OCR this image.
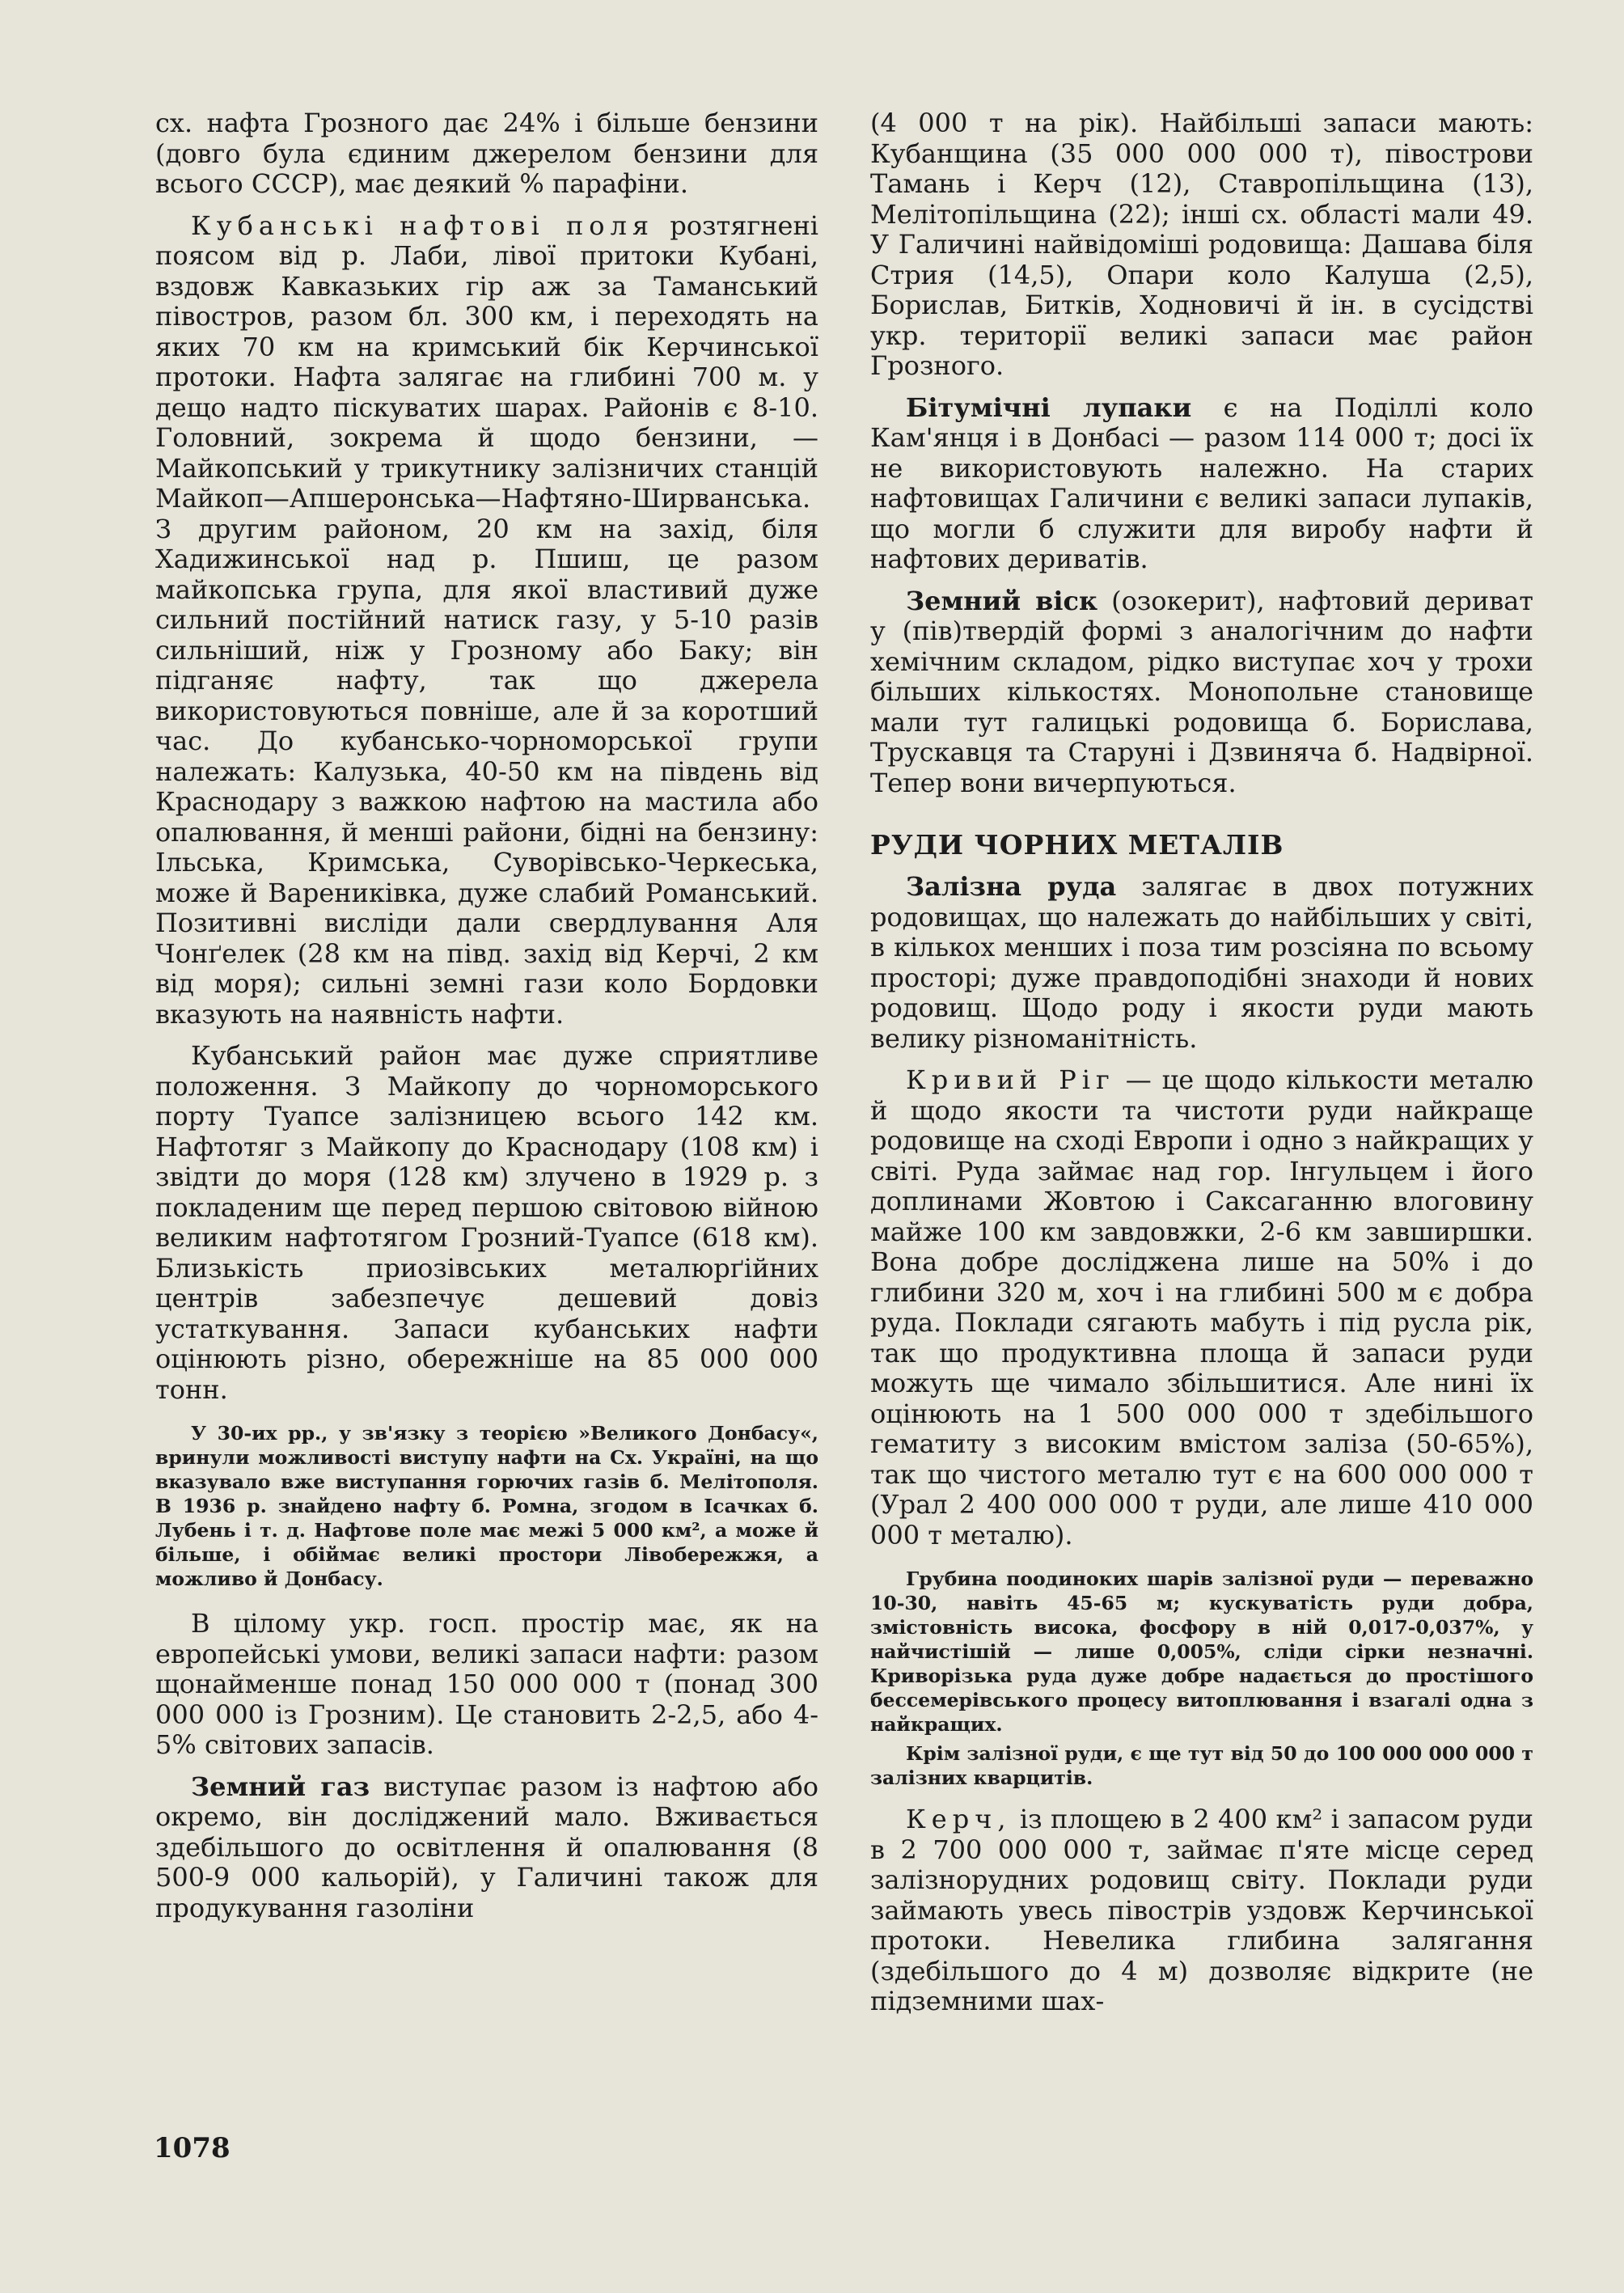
сх. нафта Грозного дає 24% і більше бензини (довго була єдиним джерелом бензини для всього СССР), має деякий % парафіни.

Кубанські нафтові поля розтягнені поясом від р. Лаби, лівої притоки Кубані, вздовж Кавказьких гір аж за Таманський півостров, разом бл. 300 км, і переходять на яких 70 км на кримський бік Керчинської протоки. Нафта залягає на глибині 700 м. у дещо надто піскуватих шарах. Районів є 8-10. Головний, зокрема й щодо бензини, — Майкопський у трикутнику залізничих станцій Майкоп—Апшеронська—Нафтяно-Ширванська. З другим районом, 20 км на захід, біля Хадижинської над р. Пшиш, це разом майкопська група, для якої властивий дуже сильний постійний натиск газу, у 5-10 разів сильніший, ніж у Грозному або Баку; він підганяє нафту, так що джерела використовуються повніше, але й за коротший час. До кубансько-чорноморської групи належать: Калузька, 40-50 км на південь від Краснодару з важкою нафтою на мастила або опалювання, й менші райони, бідні на бензину: Ільська, Кримська, Суворівсько-Черкеська, може й Варениківка, дуже слабий Романський. Позитивні висліди дали свердлування Аля Чонґелек (28 км на півд. захід від Керчі, 2 км від моря); сильні земні гази коло Бордовки вказують на наявність нафти.

Кубанський район має дуже сприятливе положення. З Майкопу до чорноморського порту Туапсе залізницею всього 142 км. Нафтотяг з Майкопу до Краснодару (108 км) і звідти до моря (128 км) злучено в 1929 р. з покладеним ще перед першою світовою війною великим нафтотягом Грозний-Туапсе (618 км). Близькість приозівських металюрґійних центрів забезпечує дешевий довіз устаткування. Запаси кубанських нафти оцінюють різно, обережніше на 85 000 000 тонн.

У 30-их рр., у зв'язку з теорією »Великого Донбасу«, вринули можливості виступу нафти на Сх. Україні, на що вказувало вже виступання горючих газів б. Мелітополя. В 1936 р. знайдено нафту б. Ромна, згодом в Ісачках б. Лубень і т. д. Нафтове поле має межі 5 000 км², а може й більше, і обіймає великі простори Лівобережжя, а можливо й Донбасу.

В цілому укр. госп. простір має, як на европейські умови, великі запаси нафти: разом щонайменше понад 150 000 000 т (понад 300 000 000 із Грозним). Це становить 2-2,5, або 4-5% світових запасів.

Земний газ виступає разом із нафтою або окремо, він досліджений мало. Вживається здебільшого до освітлення й опалювання (8 500-9 000 кальорій), у Галичині також для продукування газоліни

(4 000 т на рік). Найбільші запаси мають: Кубанщина (35 000 000 000 т), півострови Тамань і Керч (12), Ставропільщина (13), Мелітопільщина (22); інші сх. області мали 49. У Галичині найвідоміші родовища: Дашава біля Стрия (14,5), Опари коло Калуша (2,5), Борислав, Битків, Ходновичі й ін. в сусідстві укр. території великі запаси має район Грозного.

Бітумічні лупаки є на Поділлі коло Кам'янця і в Донбасі — разом 114 000 т; досі їх не використовують належно. На старих нафтовищах Галичини є великі запаси лупаків, що могли б служити для виробу нафти й нафтових дериватів.

Земний віск (озокерит), нафтовий дериват у (пів)твердій формі з аналогічним до нафти хемічним складом, рідко виступає хоч у трохи більших кількостях. Монопольне становище мали тут галицькі родовища б. Борислава, Трускавця та Старуні і Дзвиняча б. Надвірної. Тепер вони вичерпуються.

РУДИ ЧОРНИХ МЕТАЛІВ

Залізна руда залягає в двох потужних родовищах, що належать до найбільших у світі, в кількох менших і поза тим розсіяна по всьому просторі; дуже правдоподібні знаходи й нових родовищ. Щодо роду і якости руди мають велику різноманітність.

Кривий Ріг — це щодо кількости металю й щодо якости та чистоти руди найкраще родовище на сході Европи і одно з найкращих у світі. Руда займає над гор. Інгульцем і його доплинами Жовтою і Саксаганню влоговину майже 100 км завдовжки, 2-6 км завширшки. Вона добре досліджена лише на 50% і до глибини 320 м, хоч і на глибині 500 м є добра руда. Поклади сягають мабуть і під русла рік, так що продуктивна площа й запаси руди можуть ще чимало збільшитися. Але нині їх оцінюють на 1 500 000 000 т здебільшого гематиту з високим вмістом заліза (50-65%), так що чистого металю тут є на 600 000 000 т (Урал 2 400 000 000 т руди, але лише 410 000 000 т металю).

Грубина поодиноких шарів залізної руди — переважно 10-30, навіть 45-65 м; кускуватість руди добра, змістовність висока, фосфору в ній 0,017-0,037%, у найчистішій — лише 0,005%, сліди сірки незначні. Криворізька руда дуже добре надається до простішого бессемерівського процесу витоплювання і взагалі одна з найкращих.

Крім залізної руди, є ще тут від 50 до 100 000 000 000 т залізних кварцитів.

Керч, із площею в 2 400 км² і запасом руди в 2 700 000 000 т, займає п'яте місце серед залізнорудних родовищ світу. Поклади руди займають увесь півострів уздовж Керчинської протоки. Невелика глибина залягання (здебільшого до 4 м) дозволяє відкрите (не підземними шах-

1078
